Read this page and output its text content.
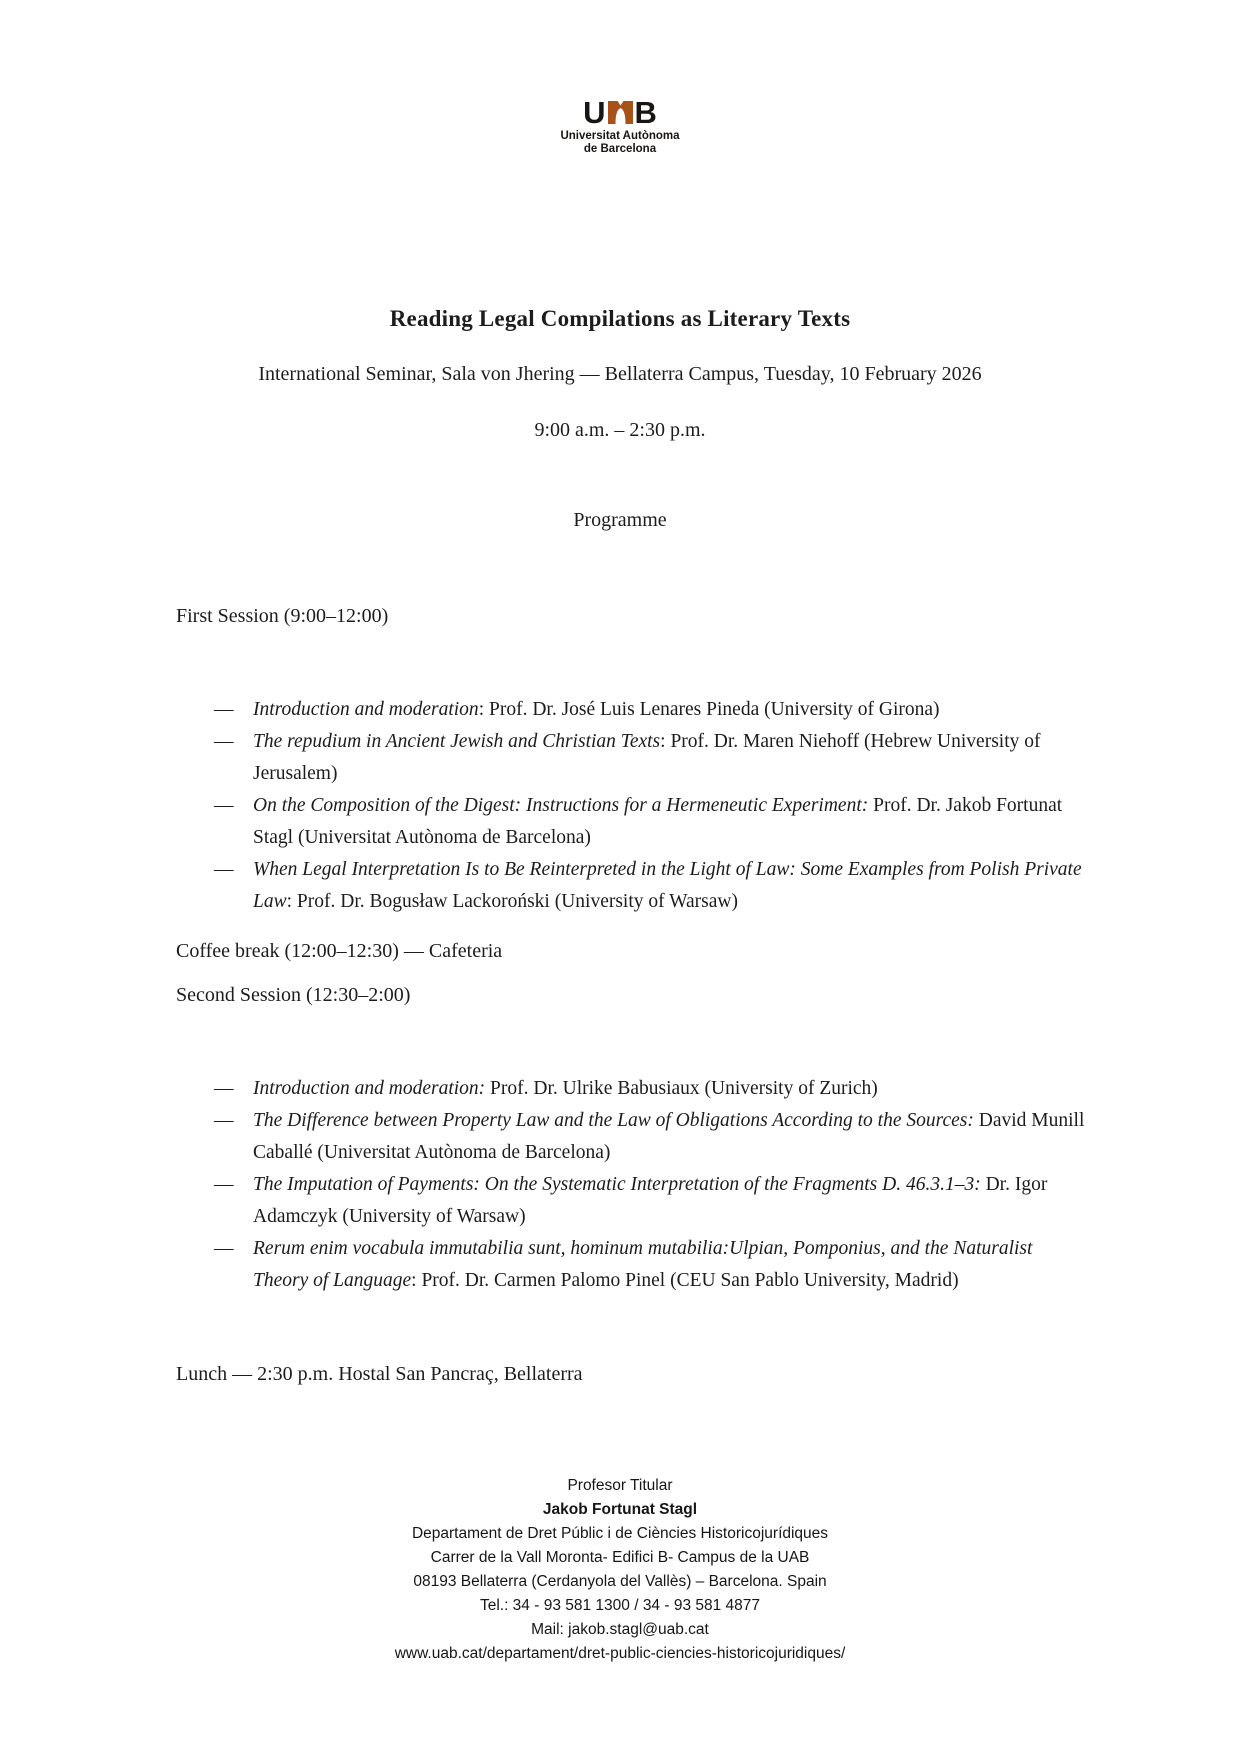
U B
Universitat Autònoma
de Barcelona
Reading Legal Compilations as Literary Texts
International Seminar, Sala von Jhering — Bellaterra Campus, Tuesday, 10 February 2026
9:00 a.m. – 2:30 p.m.
Programme
First Session (9:00–12:00)
— Introduction and moderation: Prof. Dr. José Luis Lenares Pineda (University of Girona)
— The repudium in Ancient Jewish and Christian Texts: Prof. Dr. Maren Niehoff (Hebrew University of Jerusalem)
— On the Composition of the Digest: Instructions for a Hermeneutic Experiment: Prof. Dr. Jakob Fortunat Stagl (Universitat Autònoma de Barcelona)
— When Legal Interpretation Is to Be Reinterpreted in the Light of Law: Some Examples from Polish Private Law: Prof. Dr. Bogusław Lackoroński (University of Warsaw)
Coffee break (12:00–12:30) — Cafeteria
Second Session (12:30–2:00)
— Introduction and moderation: Prof. Dr. Ulrike Babusiaux (University of Zurich)
— The Difference between Property Law and the Law of Obligations According to the Sources: David Munill Caballé (Universitat Autònoma de Barcelona)
— The Imputation of Payments: On the Systematic Interpretation of the Fragments D. 46.3.1–3: Dr. Igor Adamczyk (University of Warsaw)
— Rerum enim vocabula immutabilia sunt, hominum mutabilia:Ulpian, Pomponius, and the Naturalist Theory of Language: Prof. Dr. Carmen Palomo Pinel (CEU San Pablo University, Madrid)
Lunch — 2:30 p.m. Hostal San Pancraç, Bellaterra
Profesor Titular
Jakob Fortunat Stagl
Departament de Dret Públic i de Ciències Historicojurídiques
Carrer de la Vall Moronta- Edifici B- Campus de la UAB
08193 Bellaterra (Cerdanyola del Vallès) – Barcelona. Spain
Tel.: 34 - 93 581 1300 / 34 - 93 581 4877
Mail: jakob.stagl@uab.cat
www.uab.cat/departament/dret-public-ciencies-historicojuridiques/
